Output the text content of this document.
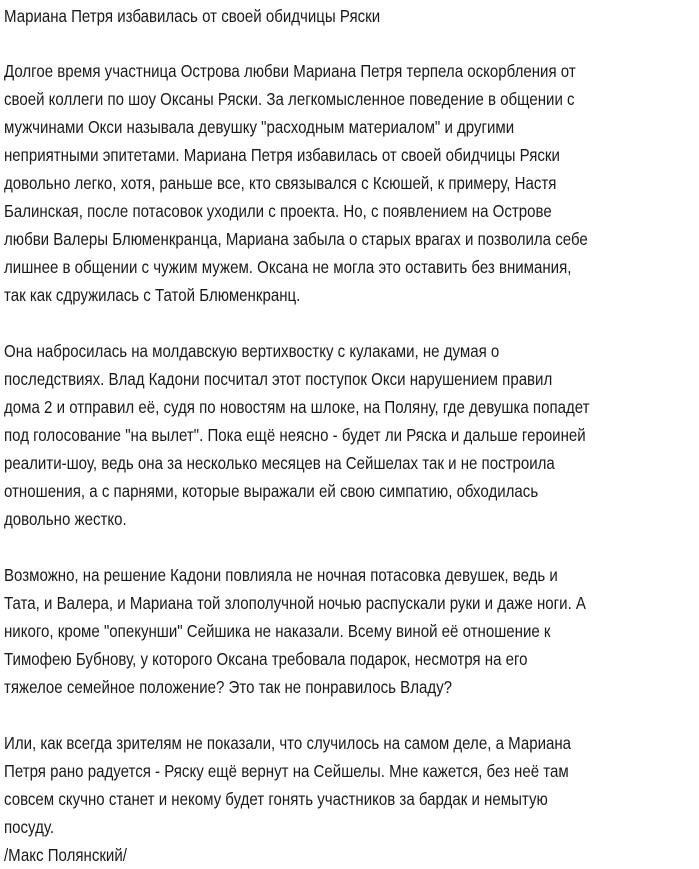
Мариана Петря избавилась от своей обидчицы Ряски

Долгое время участница Острова любви Мариана Петря терпела оскорбления от
своей коллеги по шоу Оксаны Ряски. За легкомысленное поведение в общении с
мужчинами Окси называла девушку "расходным материалом" и другими
неприятными эпитетами. Мариана Петря избавилась от своей обидчицы Ряски
довольно легко, хотя, раньше все, кто связывался с Ксюшей, к примеру, Настя
Балинская, после потасовок уходили с проекта. Но, с появлением на Острове
любви Валеры Блюменкранца, Мариана забыла о старых врагах и позволила себе
лишнее в общении с чужим мужем. Оксана не могла это оставить без внимания,
так как сдружилась с Татой Блюменкранц.

Она набросилась на молдавскую вертихвостку с кулаками, не думая о
последствиях. Влад Кадони посчитал этот поступок Окси нарушением правил
дома 2 и отправил её, судя по новостям на шлоке, на Поляну, где девушка попадет
под голосование "на вылет". Пока ещё неясно - будет ли Ряска и дальше героиней
реалити-шоу, ведь она за несколько месяцев на Сейшелах так и не построила
отношения, а с парнями, которые выражали ей свою симпатию, обходилась
довольно жестко.

Возможно, на решение Кадони повлияла не ночная потасовка девушек, ведь и
Тата, и Валера, и Мариана той злополучной ночью распускали руки и даже ноги. А
никого, кроме "опекунши" Сейшика не наказали. Всему виной её отношение к
Тимофею Бубнову, у которого Оксана требовала подарок, несмотря на его
тяжелое семейное положение? Это так не понравилось Владу?

Или, как всегда зрителям не показали, что случилось на самом деле, а Мариана
Петря рано радуется - Ряску ещё вернут на Сейшелы. Мне кажется, без неё там
совсем скучно станет и некому будет гонять участников за бардак и немытую
посуду.

/Макс Полянский/
